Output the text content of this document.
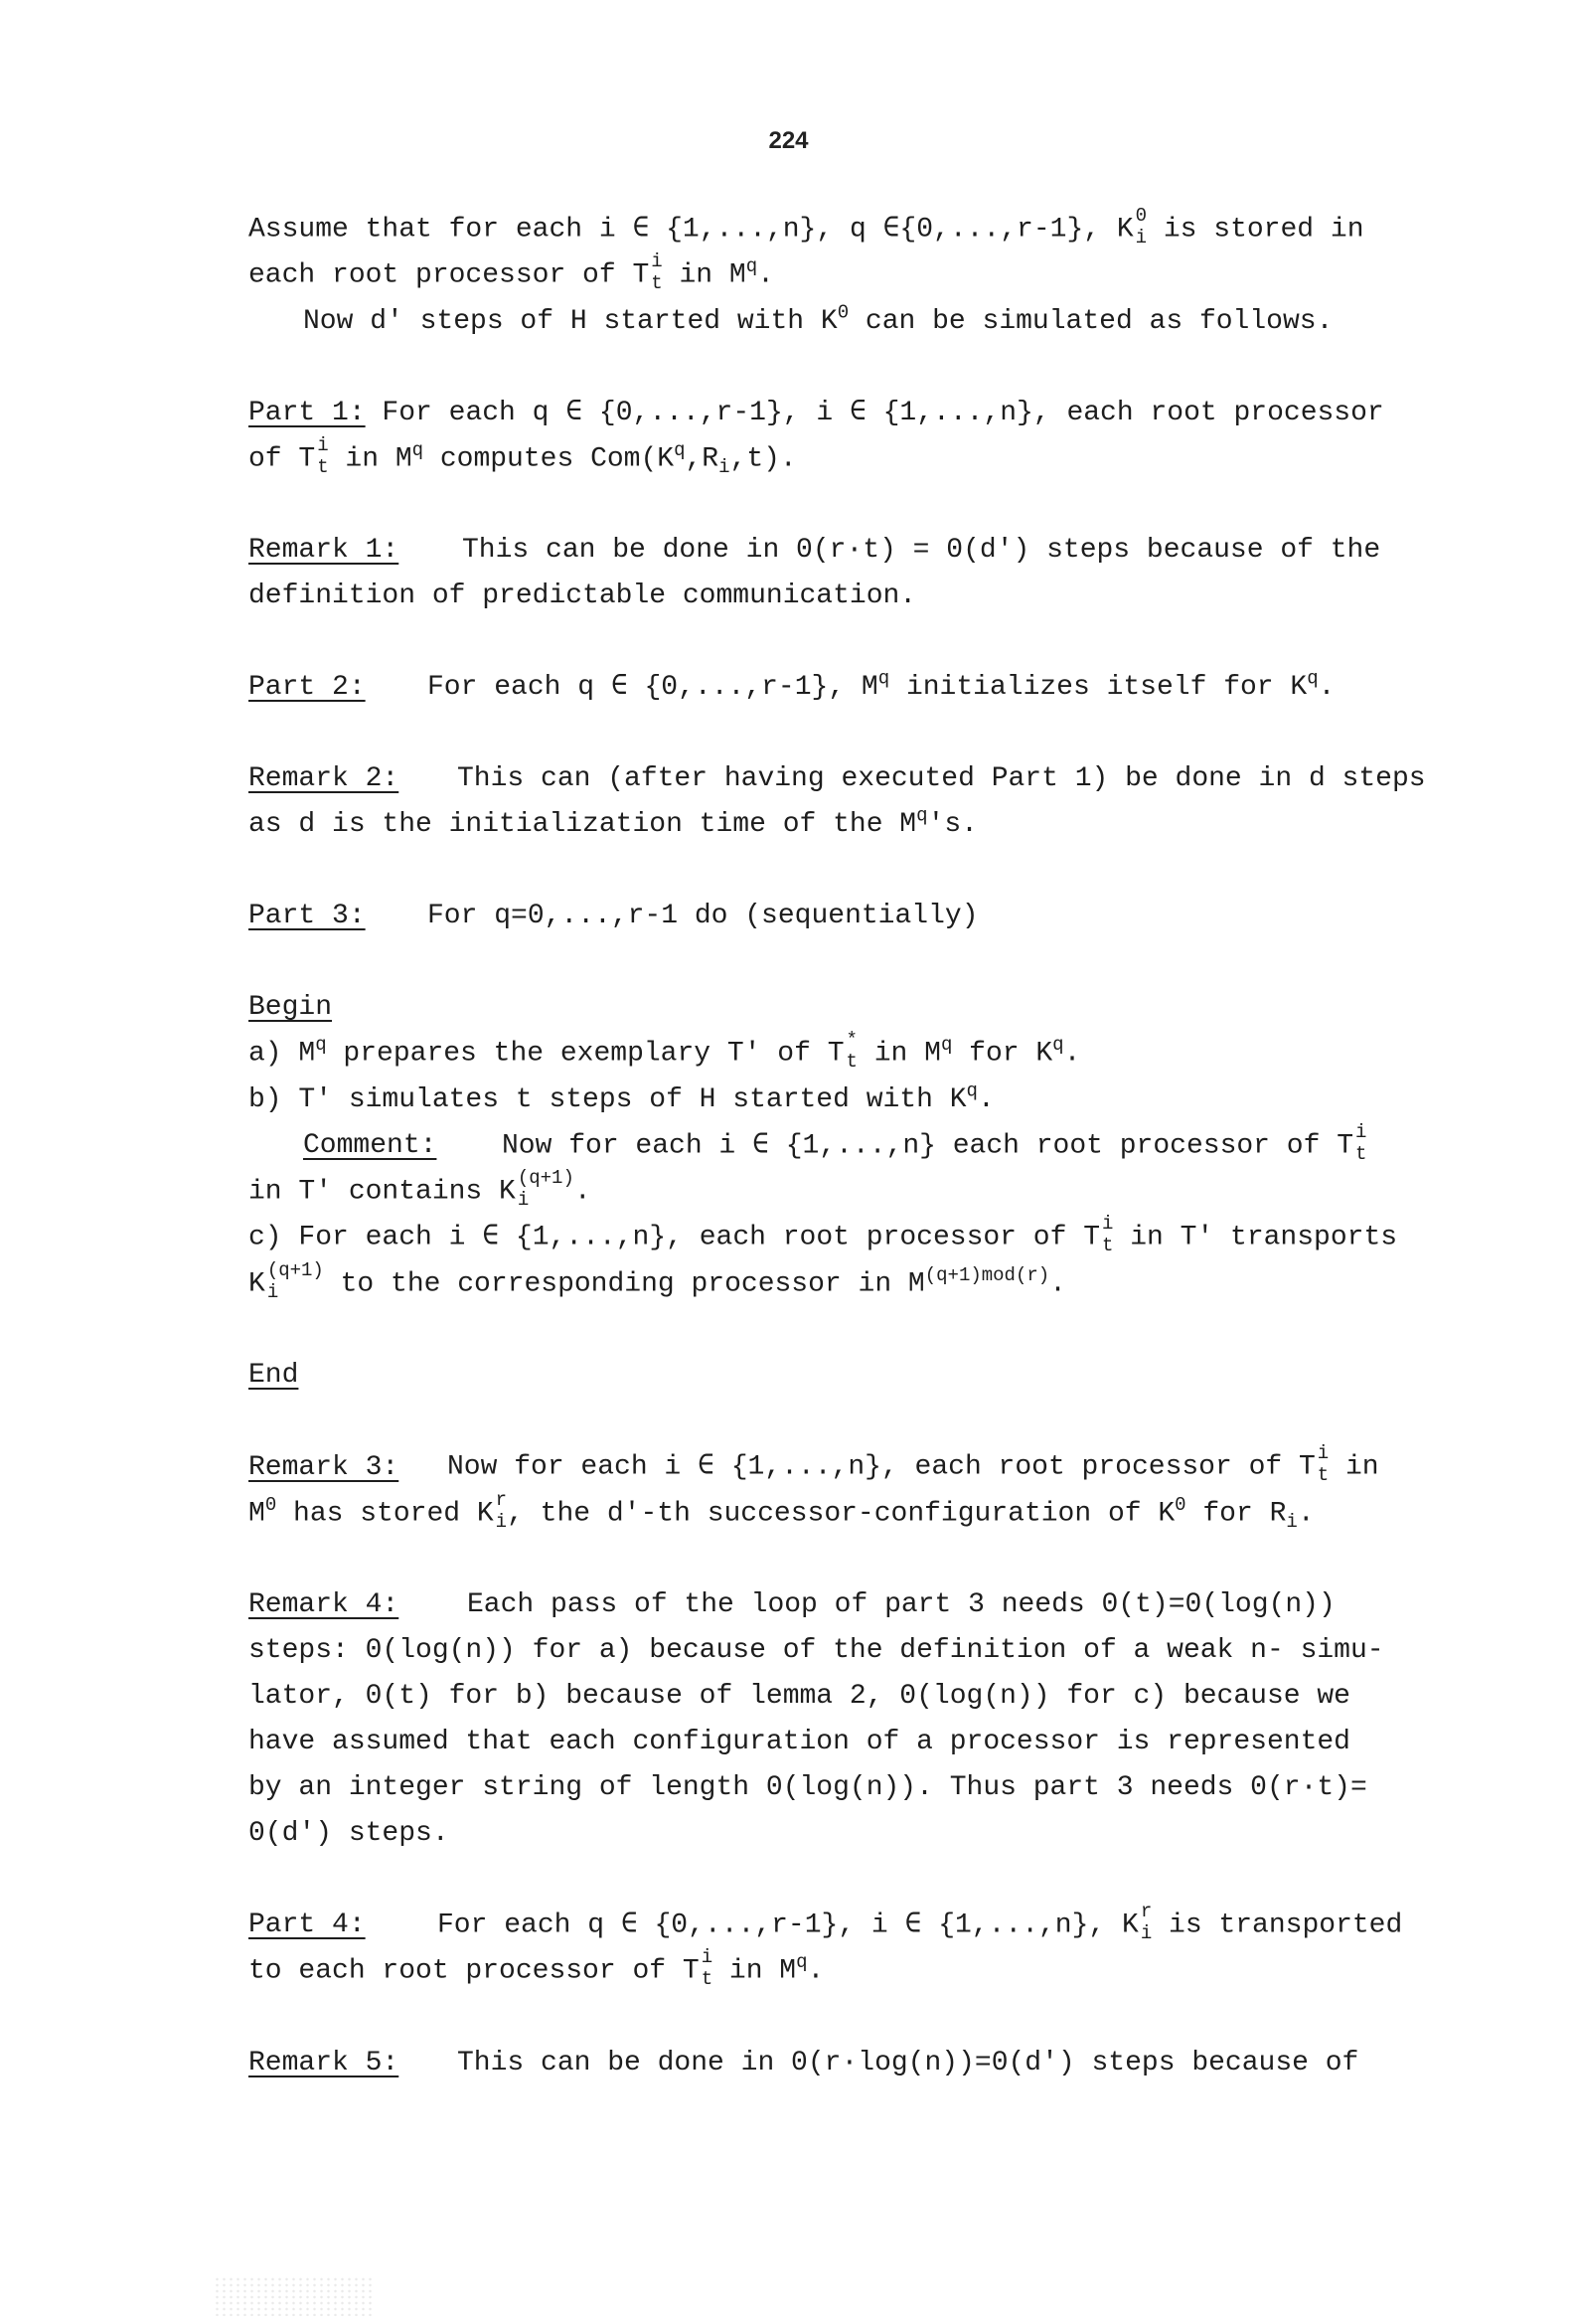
224
Assume that for each i ∈ {1,...,n}, q ∈{0,...,r-1}, K 0
i is stored in
each root processor of T i
t in $M^q$.
Now d' steps of H started with $K^0$ can be simulated as follows.
Part 1: For each q ∈ {0,...,r-1}, i ∈ {1,...,n}, each root processor
of T i
t in $M^q$ computes $Com(K^q,R_i,t)$.
Remark 1: This can be done in 0(r·t) = 0(d') steps because of the
definition of predictable communication.
Part 2: For each q ∈ {0,...,r-1}, $M^q$ initializes itself for $K^q$.
Remark 2: This can (after having executed Part 1) be done in d steps
as d is the initialization time of the $M^q's$.
Part 3: For q=0,...,r-1 do (sequentially)
Begin
a) $M^q$ prepares the exemplary T' of T *
t in $M^q$ for $K^q$.
b) T' simulates t steps of H started with $K^q$.
Comment: Now for each i ∈ {1,...,n} each root processor of T i
t
in T' contains K (q+1)
i	.
c) For each i ∈ {1,...,n}, each root processor of T i
t in T' transports
K (q+1)
i	to the corresponding processor in $M^{(q+1)mod(r)}$.
End
Remark 3: Now for each i ∈ {1,...,n}, each root processor of T i
t in
$M^0$ has stored K r
i , the d'-th successor-configuration of $K^0$ for $R_i$.
Remark 4: Each pass of the loop of part 3 needs 0(t)=0(log(n))
steps: 0(log(n)) for a) because of the definition of a weak n- simu-
lator, 0(t) for b) because of lemma 2, 0(log(n)) for c) because we
have assumed that each configuration of a processor is represented
by an integer string of length 0(log(n)). Thus part 3 needs 0(r·t)=
0(d') steps.
Part 4:	For each q ∈ {0,...,r-1}, i ∈ {1,...,n}, K r
i is transported
to each root processor of T i
t in $M^q$.
Remark 5: This can be done in 0(r·log(n))=0(d') steps because of
